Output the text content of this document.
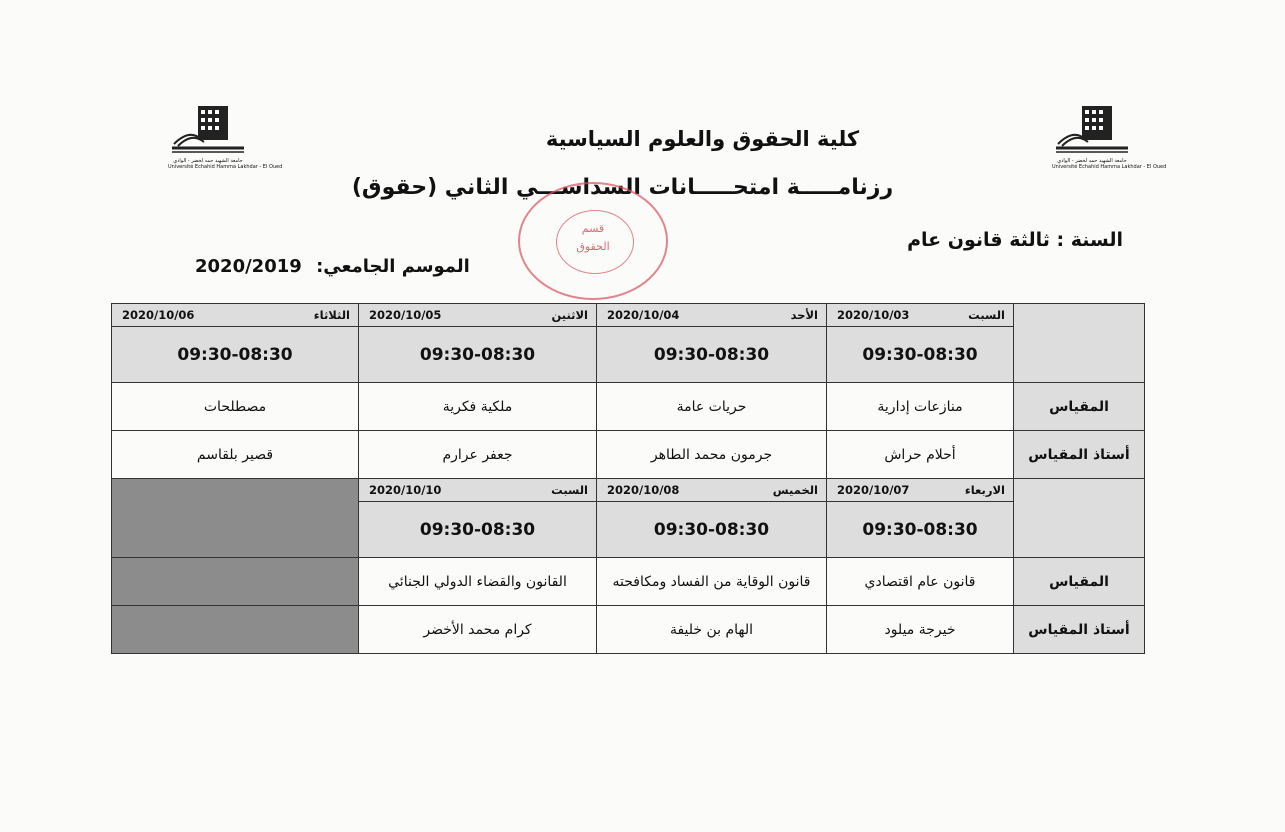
جامعة الشهيد حمه لخضر - الوادي
Université Echahid Hamma Lakhdar - El Oued
جامعة الشهيد حمه لخضر - الوادي
Université Echahid Hamma Lakhdar - El Oued
كلية الحقوق والعلوم السياسية
رزنامـــــة امتحـــــانات السداســـي الثاني (حقوق)
قسم
الحقوق	السنة : ثالثة قانون عام
الموسم الجامعي: 2020/2019
2020/10/06 الثلاثاء	2020/10/05 الاثنين	2020/10/04 الأحد	2020/10/03 السبت	

09:30-08:30	09:30-08:30	09:30-08:30	09:30-08:30	
مصطلحات	ملكية فكرية	حريات عامة	منازعات إدارية	المقياس
قصير بلقاسم	جعفر عرارم	جرمون محمد الطاهر	أحلام حراش	أستاذ المقياس

	2020/10/10 السبت	2020/10/08 الخميس	2020/10/07 الاربعاء	

	09:30-08:30	09:30-08:30	09:30-08:30	
	القانون والقضاء الدولي الجنائي	قانون الوقاية من الفساد ومكافحته	قانون عام اقتصادي	المقياس
	كرام محمد الأخضر	الهام بن خليفة	خيرجة ميلود	أستاذ المقياس
